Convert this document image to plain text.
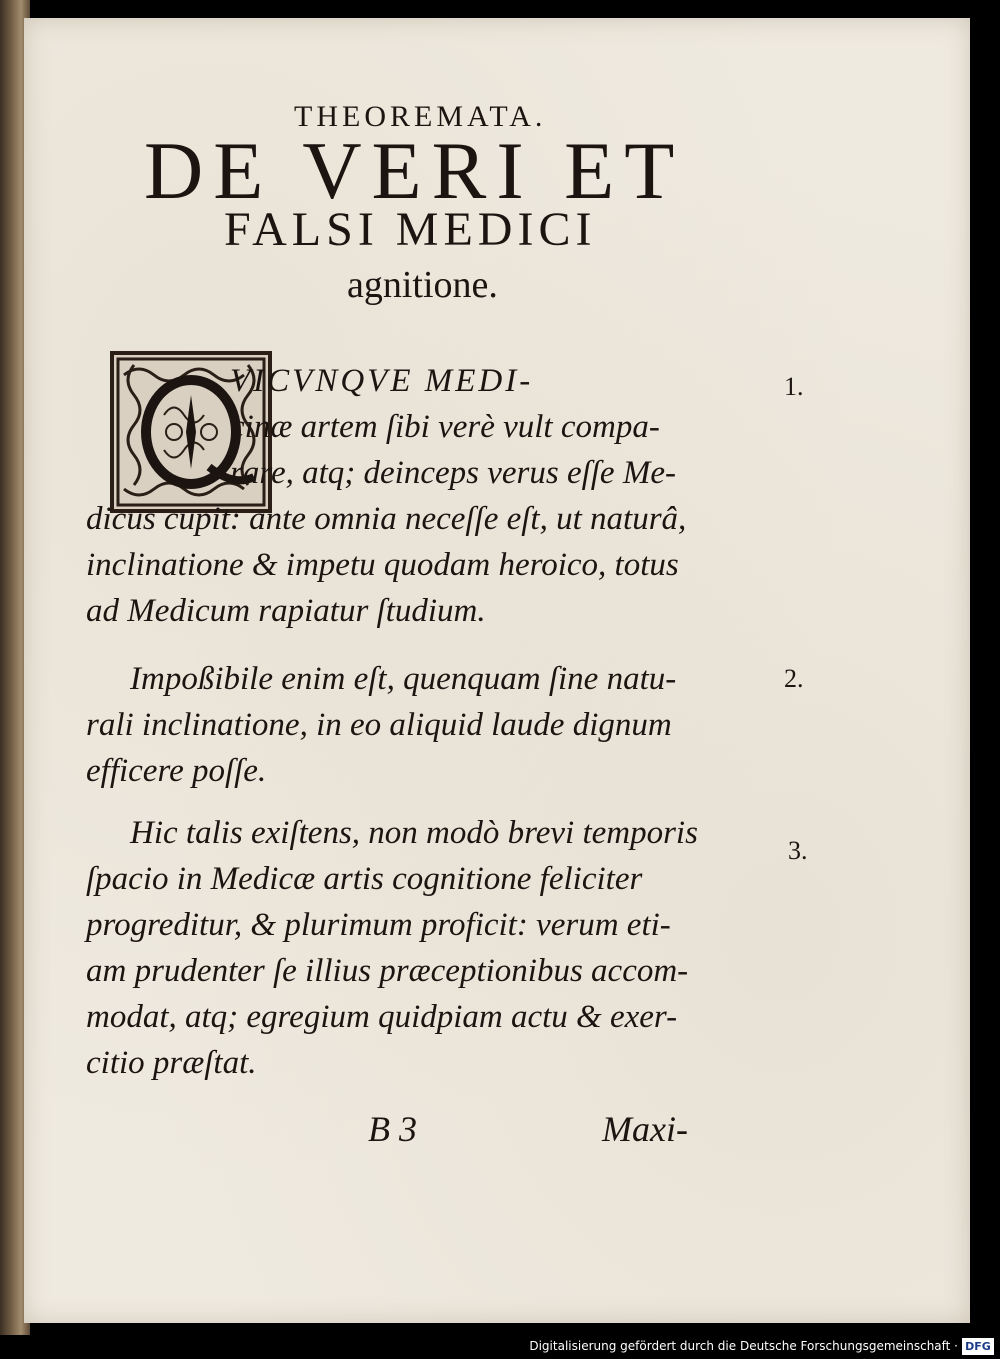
THEOREMATA.
DE VERI ET
FALSI MEDICI
agnitione.
VICVNQVE MEDI-
cinæ artem ſibi verè vult compa-
rare, atq; deinceps verus eſſe Me-
dicus cupit: ante omnia neceſſe eſt, ut naturâ,
inclinatione & impetu quodam heroico, totus
ad Medicum rapiatur ſtudium.
1.
Impoßibile enim eſt, quenquam ſine natu-
rali inclinatione, in eo aliquid laude dignum
efficere poſſe.
2.
Hic talis exiſtens, non modò brevi temporis
ſpacio in Medicæ artis cognitione feliciter
progreditur, & plurimum proficit: verum eti-
am prudenter ſe illius præceptionibus accom-
modat, atq; egregium quidpiam actu & exer-
citio præſtat.
3.
B 3	Maxi-
Digitalisierung gefördert durch die Deutsche Forschungsgemeinschaft · DFG
